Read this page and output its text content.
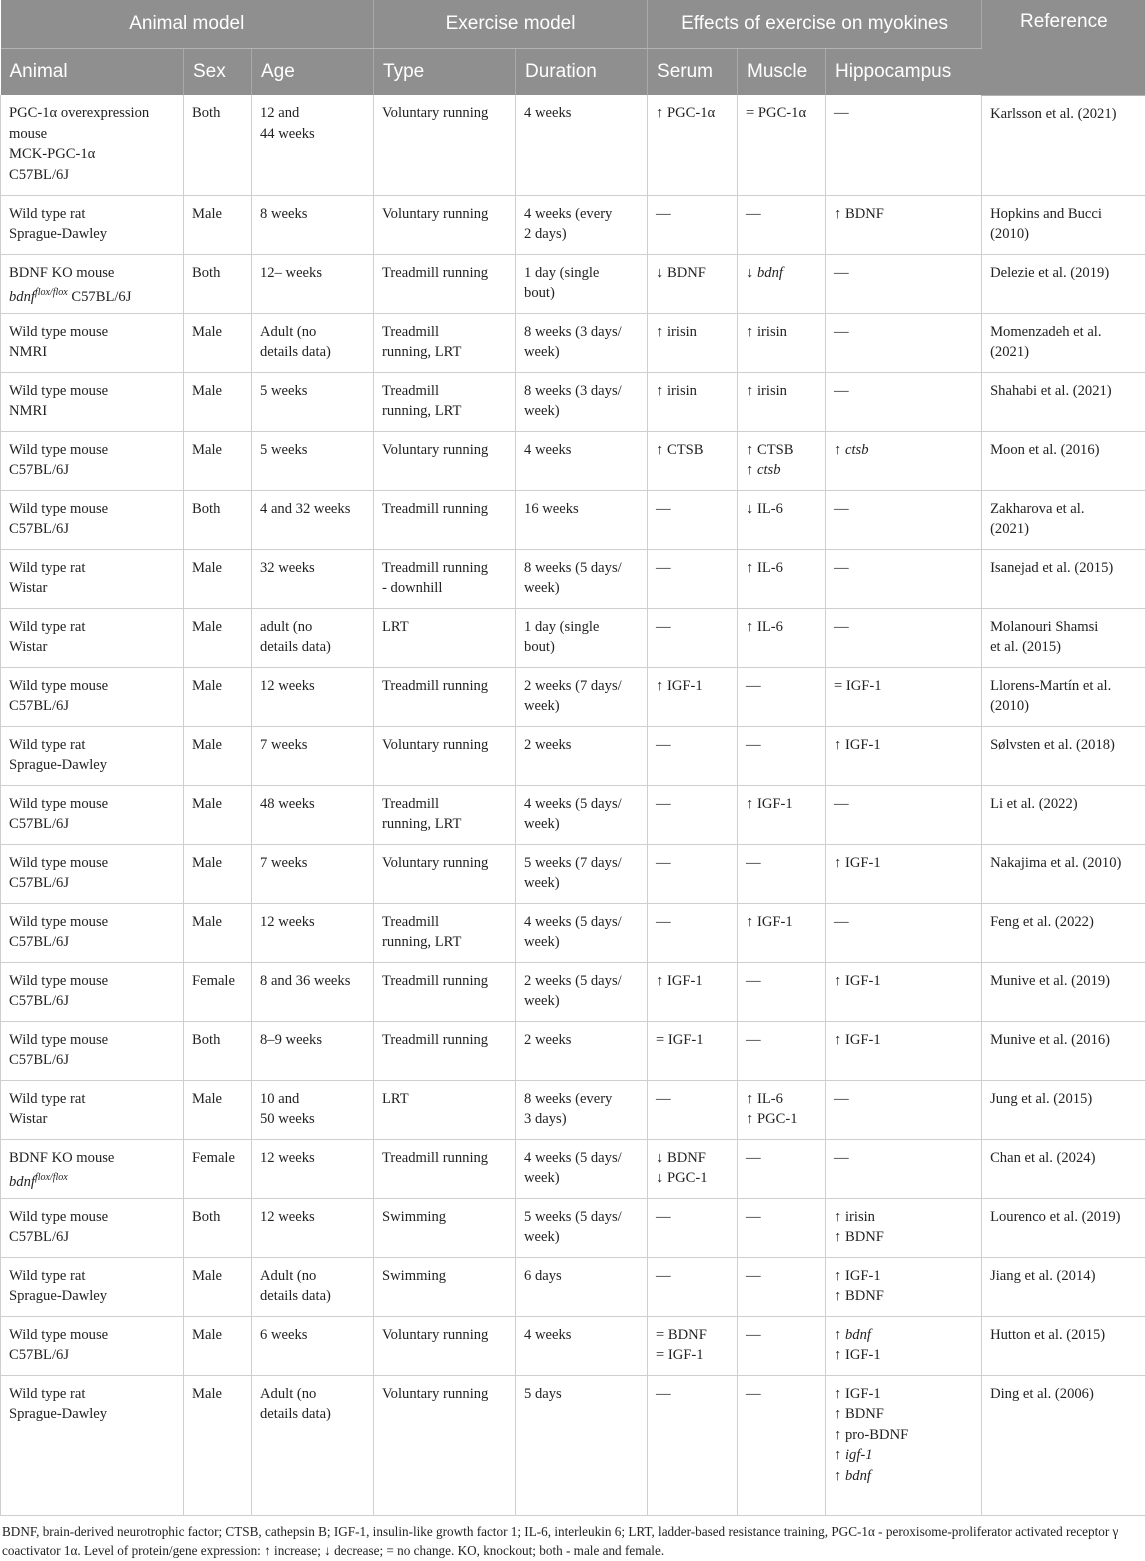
Animal model			Exercise model		Effects of exercise on myokines			Reference
Animal	Sex	Age	Type	Duration	Serum	Muscle	Hippocampus	

PGC-1α overexpression
mouse
MCK-PGC-1α
C57BL/6J	Both	12 and
44 weeks	Voluntary running	4 weeks	↑ PGC-1α	= PGC-1α	—	Karlsson et al. (2021)

Wild type rat
Sprague-Dawley	Male	8 weeks	Voluntary running	4 weeks (every
2 days)	—	—	↑ BDNF	Hopkins and Bucci
(2010)

BDNF KO mouse
bdnf$^{flox/flox}$ C57BL/6J	Both	12– weeks	Treadmill running	1 day (single
bout)	↓ BDNF	↓ bdnf	—	Delezie et al. (2019)

Wild type mouse
NMRI	Male	Adult (no
details data)	Treadmill
running, LRT	8 weeks (3 days/
week)	↑ irisin	↑ irisin	—	Momenzadeh et al.
(2021)

Wild type mouse
NMRI	Male	5 weeks	Treadmill
running, LRT	8 weeks (3 days/
week)	↑ irisin	↑ irisin	—	Shahabi et al. (2021)

Wild type mouse
C57BL/6J	Male	5 weeks	Voluntary running	4 weeks	↑ CTSB	↑ CTSB
↑ ctsb	↑ ctsb	Moon et al. (2016)

Wild type mouse
C57BL/6J	Both	4 and 32 weeks	Treadmill running	16 weeks	—	↓ IL-6	—	Zakharova et al.
(2021)

Wild type rat
Wistar	Male	32 weeks	Treadmill running
- downhill	8 weeks (5 days/
week)	—	↑ IL-6	—	Isanejad et al. (2015)

Wild type rat
Wistar	Male	adult (no
details data)	LRT	1 day (single
bout)	—	↑ IL-6	—	Molanouri Shamsi
et al. (2015)

Wild type mouse
C57BL/6J	Male	12 weeks	Treadmill running	2 weeks (7 days/
week)	↑ IGF-1	—	= IGF-1	Llorens-Martín et al.
(2010)

Wild type rat
Sprague-Dawley	Male	7 weeks	Voluntary running	2 weeks	—	—	↑ IGF-1	Sølvsten et al. (2018)

Wild type mouse
C57BL/6J	Male	48 weeks	Treadmill
running, LRT	4 weeks (5 days/
week)	—	↑ IGF-1	—	Li et al. (2022)

Wild type mouse
C57BL/6J	Male	7 weeks	Voluntary running	5 weeks (7 days/
week)	—	—	↑ IGF-1	Nakajima et al. (2010)

Wild type mouse
C57BL/6J	Male	12 weeks	Treadmill
running, LRT	4 weeks (5 days/
week)	—	↑ IGF-1	—	Feng et al. (2022)

Wild type mouse
C57BL/6J	Female	8 and 36 weeks	Treadmill running	2 weeks (5 days/
week)	↑ IGF-1	—	↑ IGF-1	Munive et al. (2019)

Wild type mouse
C57BL/6J	Both	8–9 weeks	Treadmill running	2 weeks	= IGF-1	—	↑ IGF-1	Munive et al. (2016)

Wild type rat
Wistar	Male	10 and
50 weeks	LRT	8 weeks (every
3 days)	—	↑ IL-6
↑ PGC-1	—	Jung et al. (2015)

BDNF KO mouse
bdnf$^{flox/flox}$	Female	12 weeks	Treadmill running	4 weeks (5 days/
week)	↓ BDNF
↓ PGC-1	—	—	Chan et al. (2024)

Wild type mouse
C57BL/6J	Both	12 weeks	Swimming	5 weeks (5 days/
week)	—	—	↑ irisin
↑ BDNF	Lourenco et al. (2019)

Wild type rat
Sprague-Dawley	Male	Adult (no
details data)	Swimming	6 days	—	—	↑ IGF-1
↑ BDNF	Jiang et al. (2014)

Wild type mouse
C57BL/6J	Male	6 weeks	Voluntary running	4 weeks	= BDNF
= IGF-1	—	↑ bdnf
↑ IGF-1	Hutton et al. (2015)

Wild type rat
Sprague-Dawley	Male	Adult (no
details data)	Voluntary running	5 days	—	—	↑ IGF-1
↑ BDNF
↑ pro-BDNF
↑ igf-1
↑ bdnf	Ding et al. (2006)
BDNF, brain-derived neurotrophic factor; CTSB, cathepsin B; IGF-1, insulin-like growth factor 1; IL-6, interleukin 6; LRT, ladder-based resistance training, PGC-1α - peroxisome-proliferator activated receptor γ coactivator 1α. Level of protein/gene expression: ↑ increase; ↓ decrease; = no change. KO, knockout; both - male and female.
